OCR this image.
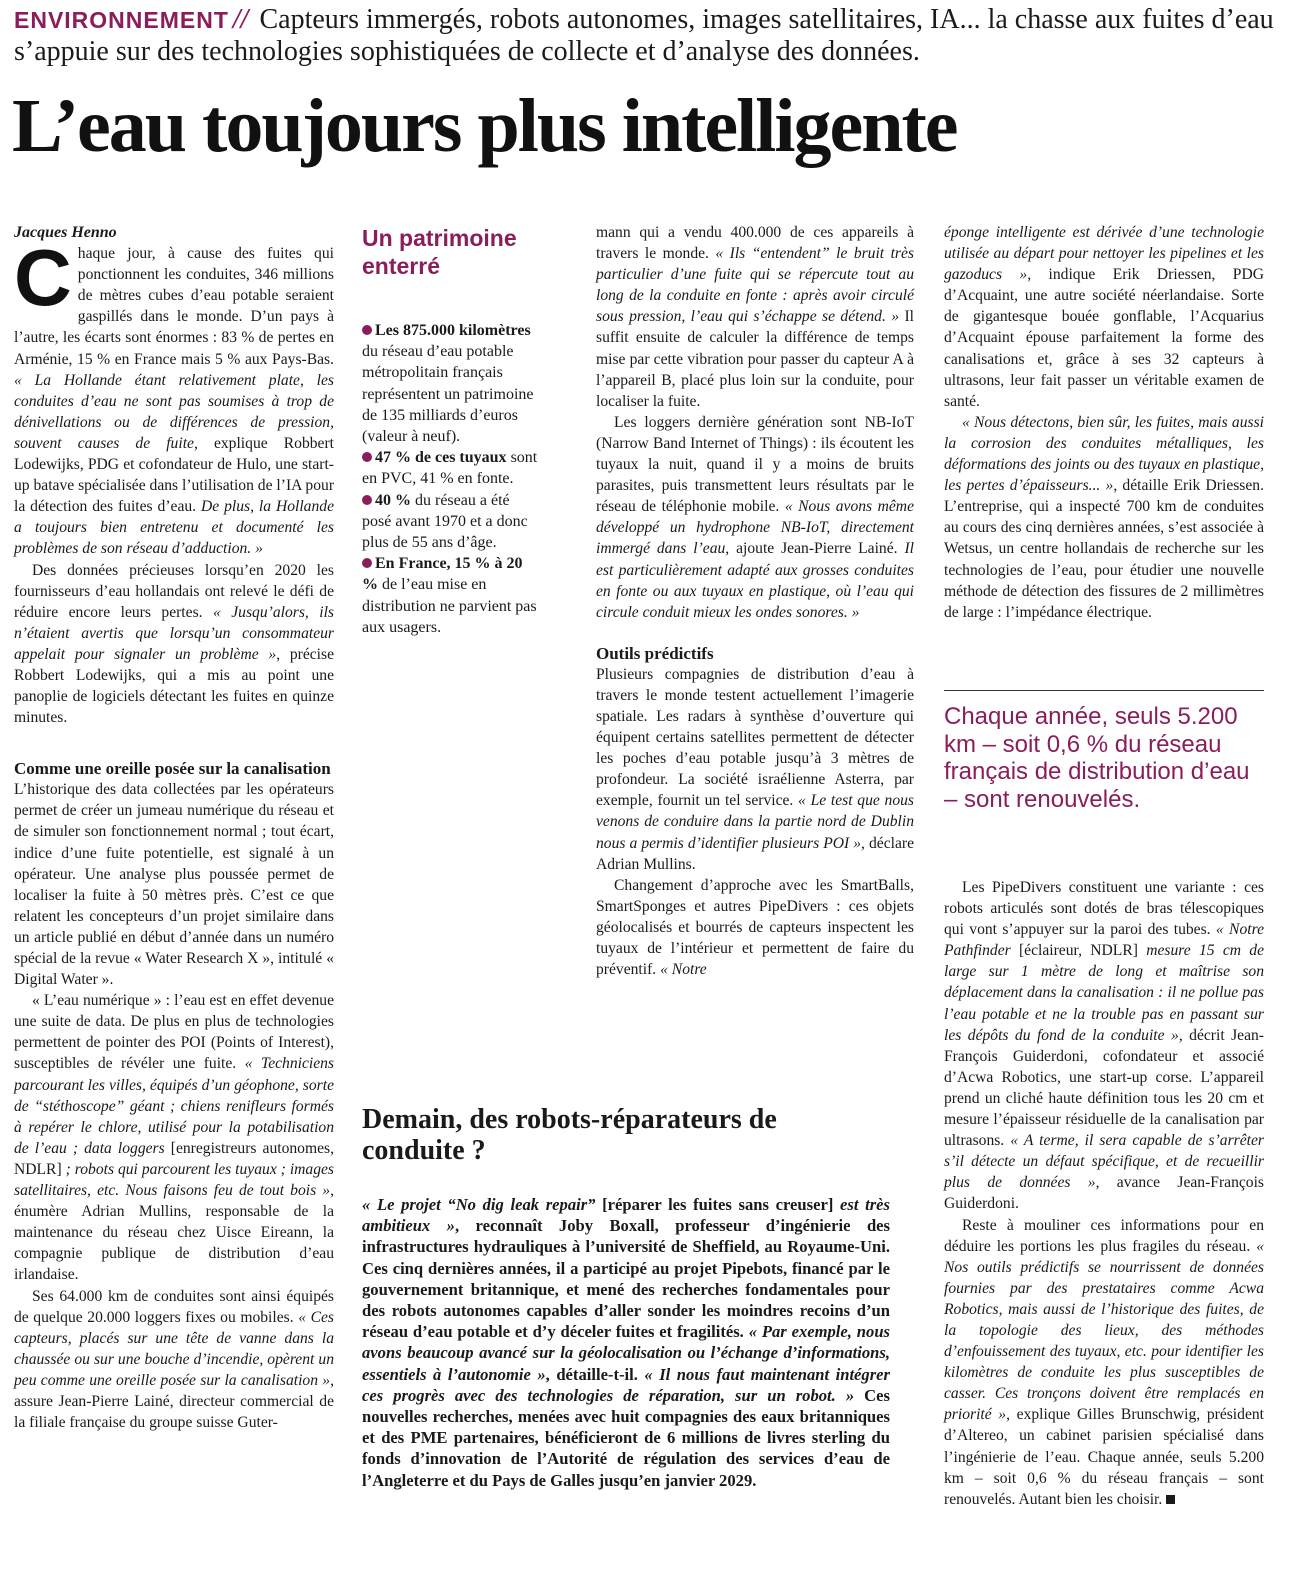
ENVIRONNEMENT // Capteurs immergés, robots autonomes, images satellitaires, IA... la chasse aux fuites d’eau s’appuie sur des technologies sophistiquées de collecte et d’analyse des données.
L’eau toujours plus intelligente

Jacques Henno

Chaque jour, à cause des fuites qui ponctionnent les conduites, 346 millions de mètres cubes d’eau potable seraient gaspillés dans le monde. D’un pays à l’autre, les écarts sont énormes : 83 % de pertes en Arménie, 15 % en France mais 5 % aux Pays-Bas. « La Hollande étant relativement plate, les conduites d’eau ne sont pas soumises à trop de dénivellations ou de différences de pression, souvent causes de fuite, explique Robbert Lodewijks, PDG et cofondateur de Hulo, une start-up batave spécialisée dans l’utilisation de l’IA pour la détection des fuites d’eau. De plus, la Hollande a toujours bien entretenu et documenté les problèmes de son réseau d’adduction. »

Des données précieuses lorsqu’en 2020 les fournisseurs d’eau hollandais ont relevé le défi de réduire encore leurs pertes. « Jusqu’alors, ils n’étaient avertis que lorsqu’un consommateur appelait pour signaler un problème », précise Robbert Lodewijks, qui a mis au point une panoplie de logiciels détectant les fuites en quinze minutes.

Comme une oreille posée sur la canalisation

L’historique des data collectées par les opérateurs permet de créer un jumeau numérique du réseau et de simuler son fonctionnement normal ; tout écart, indice d’une fuite potentielle, est signalé à un opérateur. Une analyse plus poussée permet de localiser la fuite à 50 mètres près. C’est ce que relatent les concepteurs d’un projet similaire dans un article publié en début d’année dans un numéro spécial de la revue « Water Research X », intitulé « Digital Water ».

« L’eau numérique » : l’eau est en effet devenue une suite de data. De plus en plus de technologies permettent de pointer des POI (Points of Interest), susceptibles de révéler une fuite. « Techniciens parcourant les villes, équipés d’un géophone, sorte de “stéthoscope” géant ; chiens renifleurs formés à repérer le chlore, utilisé pour la potabilisation de l’eau ; data loggers [enregistreurs autonomes, NDLR] ; robots qui parcourent les tuyaux ; images satellitaires, etc. Nous faisons feu de tout bois », énumère Adrian Mullins, responsable de la maintenance du réseau chez Uisce Eireann, la compagnie publique de distribution d’eau irlandaise.

Ses 64.000 km de conduites sont ainsi équipés de quelque 20.000 loggers fixes ou mobiles. « Ces capteurs, placés sur une tête de vanne dans la chaussée ou sur une bouche d’incendie, opèrent un peu comme une oreille posée sur la canalisation », assure Jean-Pierre Lainé, directeur commercial de la filiale française du groupe suisse Guter-

Un patrimoine enterré
Les 875.000 kilomètres du réseau d’eau potable métropolitain français représentent un patrimoine de 135 milliards d’euros (valeur à neuf).
47 % de ces tuyaux sont en PVC, 41 % en fonte.
40 % du réseau a été posé avant 1970 et a donc plus de 55 ans d’âge.
En France, 15 % à 20 % de l’eau mise en distribution ne parvient pas aux usagers.

mann qui a vendu 400.000 de ces appareils à travers le monde. « Ils “entendent” le bruit très particulier d’une fuite qui se répercute tout au long de la conduite en fonte : après avoir circulé sous pression, l’eau qui s’échappe se détend. » Il suffit ensuite de calculer la différence de temps mise par cette vibration pour passer du capteur A à l’appareil B, placé plus loin sur la conduite, pour localiser la fuite.

Les loggers dernière génération sont NB-IoT (Narrow Band Internet of Things) : ils écoutent les tuyaux la nuit, quand il y a moins de bruits parasites, puis transmettent leurs résultats par le réseau de téléphonie mobile. « Nous avons même développé un hydrophone NB-IoT, directement immergé dans l’eau, ajoute Jean-Pierre Lainé. Il est particulièrement adapté aux grosses conduites en fonte ou aux tuyaux en plastique, où l’eau qui circule conduit mieux les ondes sonores. »

Outils prédictifs

Plusieurs compagnies de distribution d’eau à travers le monde testent actuellement l’imagerie spatiale. Les radars à synthèse d’ouverture qui équipent certains satellites permettent de détecter les poches d’eau potable jusqu’à 3 mètres de profondeur. La société israélienne Asterra, par exemple, fournit un tel service. « Le test que nous venons de conduire dans la partie nord de Dublin nous a permis d’identifier plusieurs POI », déclare Adrian Mullins.

Changement d’approche avec les SmartBalls, SmartSponges et autres PipeDivers : ces objets géolocalisés et bourrés de capteurs inspectent les tuyaux de l’intérieur et permettent de faire du préventif. « Notre

éponge intelligente est dérivée d’une technologie utilisée au départ pour nettoyer les pipelines et les gazoducs », indique Erik Driessen, PDG d’Acquaint, une autre société néerlandaise. Sorte de gigantesque bouée gonflable, l’Acquarius d’Acquaint épouse parfaitement la forme des canalisations et, grâce à ses 32 capteurs à ultrasons, leur fait passer un véritable examen de santé.

« Nous détectons, bien sûr, les fuites, mais aussi la corrosion des conduites métalliques, les déformations des joints ou des tuyaux en plastique, les pertes d’épaisseurs... », détaille Erik Driessen. L’entreprise, qui a inspecté 700 km de conduites au cours des cinq dernières années, s’est associée à Wetsus, un centre hollandais de recherche sur les technologies de l’eau, pour étudier une nouvelle méthode de détection des fissures de 2 millimètres de large : l’impédance électrique.

Chaque année, seuls 5.200 km – soit 0,6 % du réseau français de distribution d’eau – sont renouvelés.

Les PipeDivers constituent une variante : ces robots articulés sont dotés de bras télescopiques qui vont s’appuyer sur la paroi des tubes. « Notre Pathfinder [éclaireur, NDLR] mesure 15 cm de large sur 1 mètre de long et maîtrise son déplacement dans la canalisation : il ne pollue pas l’eau potable et ne la trouble pas en passant sur les dépôts du fond de la conduite », décrit Jean-François Guiderdoni, cofondateur et associé d’Acwa Robotics, une start-up corse. L’appareil prend un cliché haute définition tous les 20 cm et mesure l’épaisseur résiduelle de la canalisation par ultrasons. « A terme, il sera capable de s’arrêter s’il détecte un défaut spécifique, et de recueillir plus de données », avance Jean-François Guiderdoni.

Reste à mouliner ces informations pour en déduire les portions les plus fragiles du réseau. « Nos outils prédictifs se nourrissent de données fournies par des prestataires comme Acwa Robotics, mais aussi de l’historique des fuites, de la topologie des lieux, des méthodes d’enfouissement des tuyaux, etc. pour identifier les kilomètres de conduite les plus susceptibles de casser. Ces tronçons doivent être remplacés en priorité », explique Gilles Brunschwig, président d’Altereo, un cabinet parisien spécialisé dans l’ingénierie de l’eau. Chaque année, seuls 5.200 km – soit 0,6 % du réseau français – sont renouvelés. Autant bien les choisir.

Demain, des robots-réparateurs de conduite ?

« Le projet “No dig leak repair” [réparer les fuites sans creuser] est très ambitieux », reconnaît Joby Boxall, professeur d’ingénierie des infrastructures hydrauliques à l’université de Sheffield, au Royaume-Uni. Ces cinq dernières années, il a participé au projet Pipebots, financé par le gouvernement britannique, et mené des recherches fondamentales pour des robots autonomes capables d’aller sonder les moindres recoins d’un réseau d’eau potable et d’y déceler fuites et fragilités. « Par exemple, nous avons beaucoup avancé sur la géolocalisation ou l’échange d’informations, essentiels à l’autonomie », détaille-t-il. « Il nous faut maintenant intégrer ces progrès avec des technologies de réparation, sur un robot. » Ces nouvelles recherches, menées avec huit compagnies des eaux britanniques et des PME partenaires, bénéficieront de 6 millions de livres sterling du fonds d’innovation de l’Autorité de régulation des services d’eau de l’Angleterre et du Pays de Galles jusqu’en janvier 2029.
